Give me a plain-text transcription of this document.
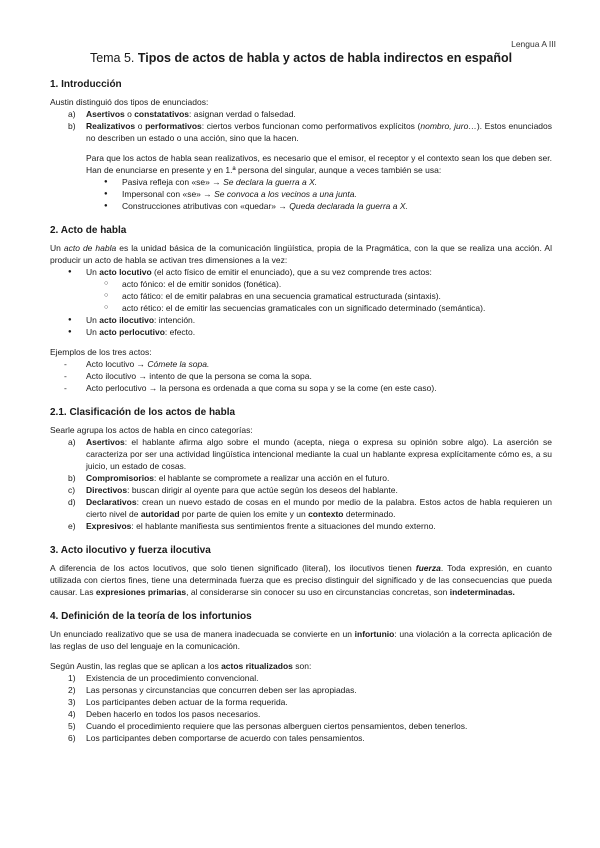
Lengua A III
Tema 5. Tipos de actos de habla y actos de habla indirectos en español
1. Introducción

Austin distinguió dos tipos de enunciados:

a) Asertivos o constatativos: asignan verdad o falsedad.
b) Realizativos o performativos: ciertos verbos funcionan como performativos explícitos (nombro, juro…). Estos enunciados no describen un estado o una acción, sino que la hacen.

Para que los actos de habla sean realizativos, es necesario que el emisor, el receptor y el contexto sean los que deben ser. Han de enunciarse en presente y en 1.ª persona del singular, aunque a veces también se usa:

● Pasiva refleja con «se» → Se declara la guerra a X.
● Impersonal con «se» → Se convoca a los vecinos a una junta.
● Construcciones atributivas con «quedar» → Queda declarada la guerra a X.
2. Acto de habla

Un acto de habla es la unidad básica de la comunicación lingüística, propia de la Pragmática, con la que se realiza una acción. Al producir un acto de habla se activan tres dimensiones a la vez:

● Un acto locutivo (el acto físico de emitir el enunciado), que a su vez comprende tres actos:
○ acto fónico: el de emitir sonidos (fonética).
○ acto fático: el de emitir palabras en una secuencia gramatical estructurada (sintaxis).
○ acto rético: el de emitir las secuencias gramaticales con un significado determinado (semántica).
● Un acto ilocutivo: intención.
● Un acto perlocutivo: efecto.

Ejemplos de los tres actos:

- Acto locutivo → Cómete la sopa.
- Acto ilocutivo → intento de que la persona se coma la sopa.
- Acto perlocutivo → la persona es ordenada a que coma su sopa y se la come (en este caso).
2.1. Clasificación de los actos de habla

Searle agrupa los actos de habla en cinco categorías:

a) Asertivos: el hablante afirma algo sobre el mundo (acepta, niega o expresa su opinión sobre algo). La aserción se caracteriza por ser una actividad lingüística intencional mediante la cual un hablante expresa explícitamente cómo es, a su juicio, un estado de cosas.
b) Compromisorios: el hablante se compromete a realizar una acción en el futuro.
c) Directivos: buscan dirigir al oyente para que actúe según los deseos del hablante.
d) Declarativos: crean un nuevo estado de cosas en el mundo por medio de la palabra. Estos actos de habla requieren un cierto nivel de autoridad por parte de quien los emite y un contexto determinado.
e) Expresivos: el hablante manifiesta sus sentimientos frente a situaciones del mundo externo.
3. Acto ilocutivo y fuerza ilocutiva

A diferencia de los actos locutivos, que solo tienen significado (literal), los ilocutivos tienen fuerza. Toda expresión, en cuanto utilizada con ciertos fines, tiene una determinada fuerza que es preciso distinguir del significado y de las consecuencias que pueda causar. Las expresiones primarias, al considerarse sin conocer su uso en circunstancias concretas, son indeterminadas.

4. Definición de la teoría de los infortunios

Un enunciado realizativo que se usa de manera inadecuada se convierte en un infortunio: una violación a la correcta aplicación de las reglas de uso del lenguaje en la comunicación.

Según Austin, las reglas que se aplican a los actos ritualizados son:

1) Existencia de un procedimiento convencional.
2) Las personas y circunstancias que concurren deben ser las apropiadas.
3) Los participantes deben actuar de la forma requerida.
4) Deben hacerlo en todos los pasos necesarios.
5) Cuando el procedimiento requiere que las personas alberguen ciertos pensamientos, deben tenerlos.
6) Los participantes deben comportarse de acuerdo con tales pensamientos.
